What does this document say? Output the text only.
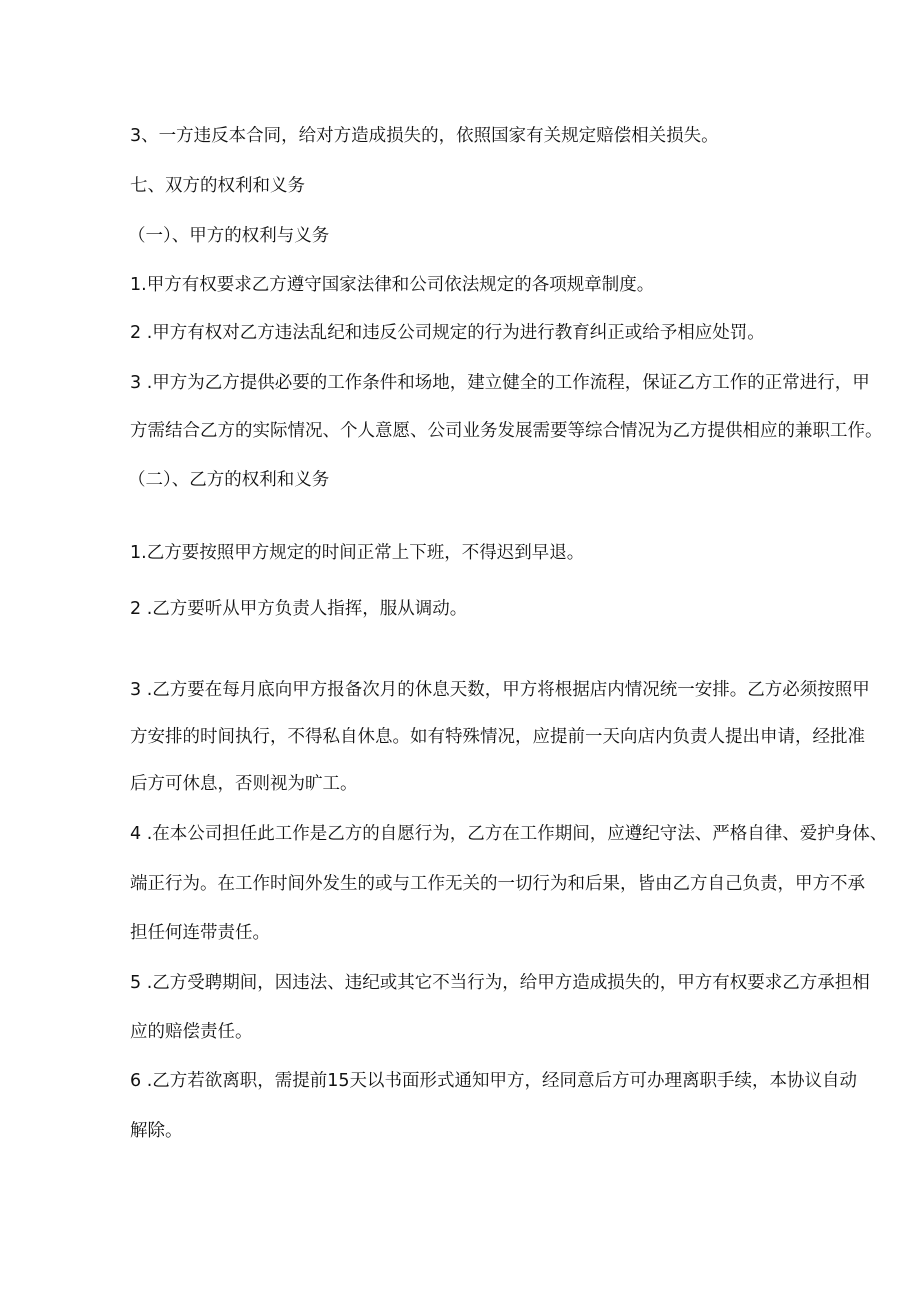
3、一方违反本合同，给对方造成损失的，依照国家有关规定赔偿相关损失。

七、双方的权利和义务

（一）、甲方的权利与义务

1.甲方有权要求乙方遵守国家法律和公司依法规定的各项规章制度。

2 .甲方有权对乙方违法乱纪和违反公司规定的行为进行教育纠正或给予相应处罚。

3 .甲方为乙方提供必要的工作条件和场地，建立健全的工作流程，保证乙方工作的正常进行，甲

方需结合乙方的实际情况、个人意愿、公司业务发展需要等综合情况为乙方提供相应的兼职工作。

（二）、乙方的权利和义务

1.乙方要按照甲方规定的时间正常上下班，不得迟到早退。

2 .乙方要听从甲方负责人指挥，服从调动。

3 .乙方要在每月底向甲方报备次月的休息天数，甲方将根据店内情况统一安排。乙方必须按照甲

方安排的时间执行，不得私自休息。如有特殊情况，应提前一天向店内负责人提出申请，经批准

后方可休息，否则视为旷工。

4 .在本公司担任此工作是乙方的自愿行为，乙方在工作期间，应遵纪守法、严格自律、爱护身体、

端正行为。在工作时间外发生的或与工作无关的一切行为和后果，皆由乙方自己负责，甲方不承

担任何连带责任。

5 .乙方受聘期间，因违法、违纪或其它不当行为，给甲方造成损失的，甲方有权要求乙方承担相

应的赔偿责任。

6 .乙方若欲离职，需提前15天以书面形式通知甲方，经同意后方可办理离职手续，本协议自动

解除。
